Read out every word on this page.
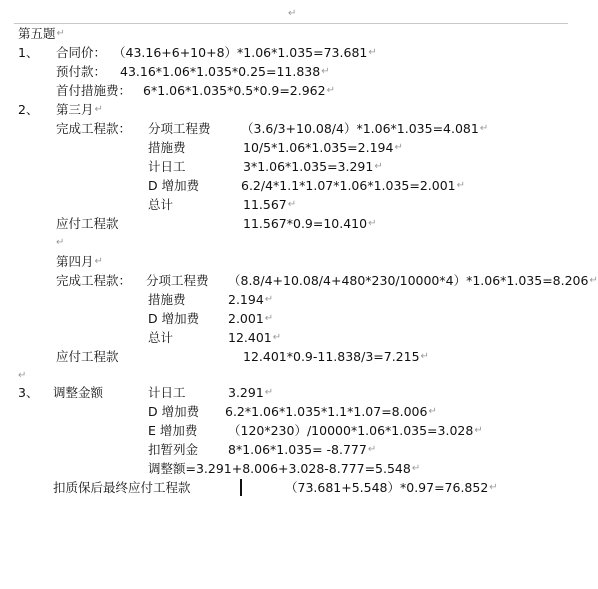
↵
第五题 ↵
1、 合同价： （43.16+6+10+8）*1.06*1.035=73.681 ↵
预付款： 43.16*1.06*1.035*0.25=11.838 ↵
首付措施费： 6*1.06*1.035*0.5*0.9=2.962 ↵
2、 第三月 ↵
完成工程款： 分项工程费 （3.6/3+10.08/4）*1.06*1.035=4.081 ↵
措施费	10/5*1.06*1.035=2.194 ↵
计日工	3*1.06*1.035=3.291 ↵
D 增加费	6.2/4*1.1*1.07*1.06*1.035=2.001 ↵
总计	11.567 ↵
应付工程款	11.567*0.9=10.410 ↵
↵
第四月 ↵
完成工程款： 分项工程费 （8.8/4+10.08/4+480*230/10000*4）*1.06*1.035=8.206 ↵
措施费	2.194 ↵
D 增加费 2.001 ↵
总计	12.401 ↵
应付工程款	12.401*0.9-11.838/3=7.215 ↵
↵
3、 调整金额	计日工	3.291 ↵
D 增加费 6.2*1.06*1.035*1.1*1.07=8.006 ↵
E 增加费 （120*230）/10000*1.06*1.035=3.028 ↵
扣暂列金 8*1.06*1.035= -8.777 ↵
调整额=3.291+8.006+3.028-8.777=5.548 ↵
扣质保后最终应付工程款	（73.681+5.548）*0.97=76.852 ↵
